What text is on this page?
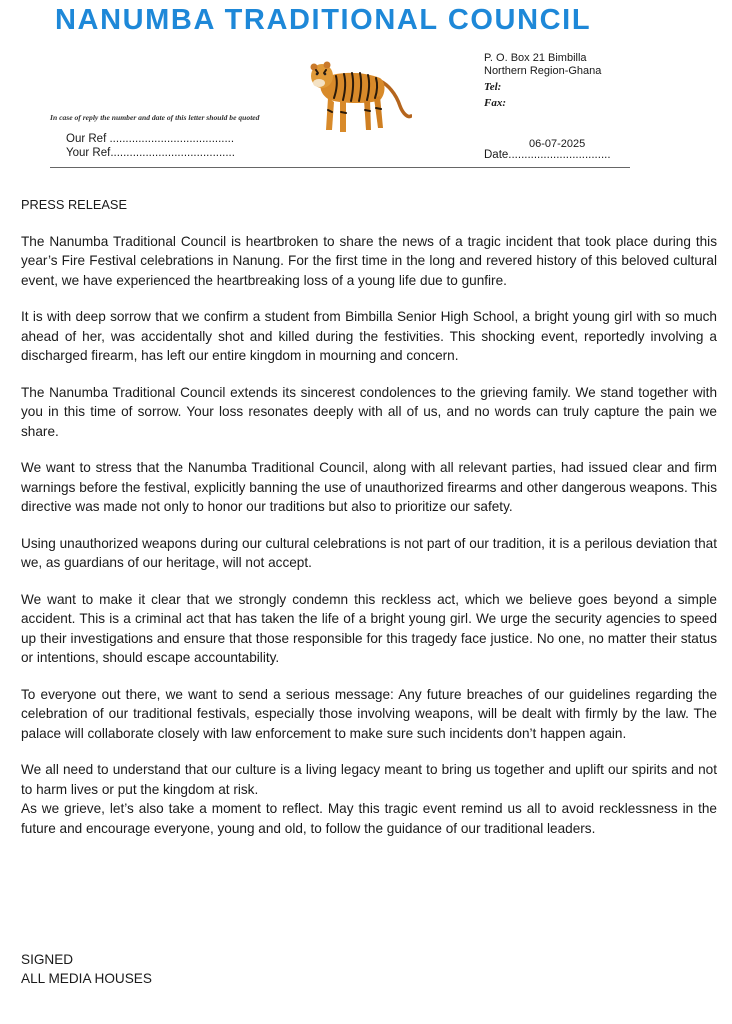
NANUMBA TRADITIONAL COUNCIL
P. O. Box 21 Bimbilla
Northern Region-Ghana
Tel:
Fax:
In case of reply the number and date of this letter should be quoted
Our Ref .......................................
Your Ref.......................................
06-07-2025
Date................................

PRESS RELEASE

The Nanumba Traditional Council is heartbroken to share the news of a tragic incident that took place during this year’s Fire Festival celebrations in Nanung. For the first time in the long and revered history of this beloved cultural event, we have experienced the heartbreaking loss of a young life due to gunfire.

It is with deep sorrow that we confirm a student from Bimbilla Senior High School, a bright young girl with so much ahead of her, was accidentally shot and killed during the festivities. This shocking event, reportedly involving a discharged firearm, has left our entire kingdom in mourning and concern.

The Nanumba Traditional Council extends its sincerest condolences to the grieving family. We stand together with you in this time of sorrow. Your loss resonates deeply with all of us, and no words can truly capture the pain we share.

We want to stress that the Nanumba Traditional Council, along with all relevant parties, had issued clear and firm warnings before the festival, explicitly banning the use of unauthorized firearms and other dangerous weapons. This directive was made not only to honor our traditions but also to prioritize our safety.

Using unauthorized weapons during our cultural celebrations is not part of our tradition, it is a perilous deviation that we, as guardians of our heritage, will not accept.

We want to make it clear that we strongly condemn this reckless act, which we believe goes beyond a simple accident. This is a criminal act that has taken the life of a bright young girl. We urge the security agencies to speed up their investigations and ensure that those responsible for this tragedy face justice. No one, no matter their status or intentions, should escape accountability.

To everyone out there, we want to send a serious message: Any future breaches of our guidelines regarding the celebration of our traditional festivals, especially those involving weapons, will be dealt with firmly by the law. The palace will collaborate closely with law enforcement to make sure such incidents don’t happen again.

We all need to understand that our culture is a living legacy meant to bring us together and uplift our spirits and not to harm lives or put the kingdom at risk.

As we grieve, let’s also take a moment to reflect. May this tragic event remind us all to avoid recklessness in the future and encourage everyone, young and old, to follow the guidance of our traditional leaders.

SIGNED
ALL MEDIA HOUSES
